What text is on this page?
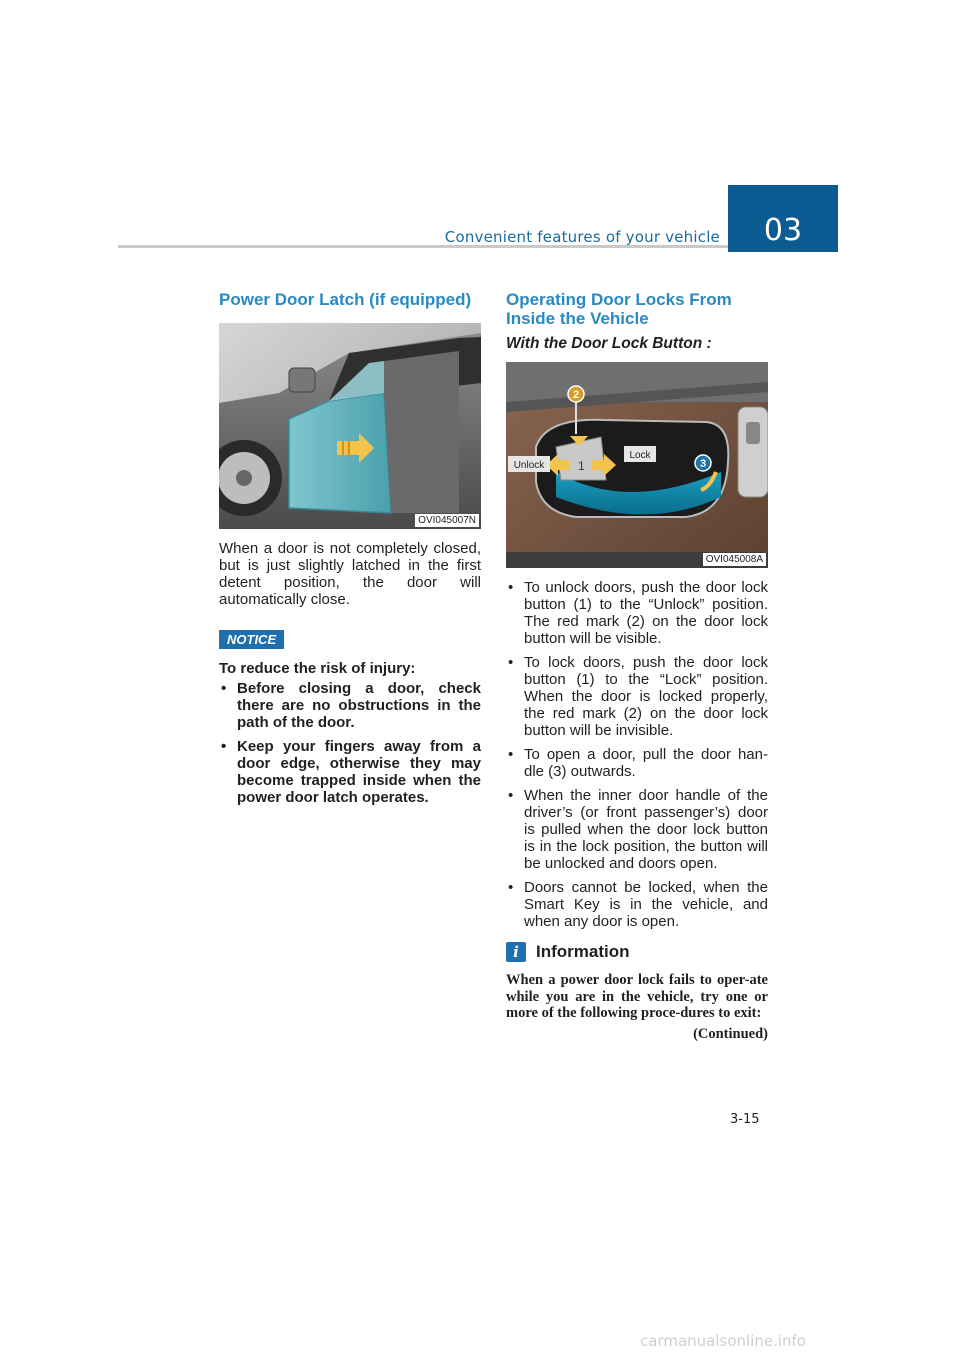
Convenient features of your vehicle	03
Power Door Latch (if equipped)
OVI045007N
When a door is not completely closed, but is just slightly latched in the first detent position, the door will automatically close.
NOTICE
To reduce the risk of injury:
• Before closing a door, check there are no obstructions in the path of the door.
• Keep your fingers away from a door edge, otherwise they may become trapped inside when the power door latch operates.
Operating Door Locks From
Inside the Vehicle
With the Door Lock Button :
2
1
Unlock
Lock
3
OVI045008A
• To unlock doors, push the door lock button (1) to the “Unlock” position. The red mark (2) on the door lock button will be visible.
• To lock doors, push the door lock button (1) to the “Lock” position. When the door is locked properly, the red mark (2) on the door lock button will be invisible.
• To open a door, pull the door han-dle (3) outwards.
• When the inner door handle of the driver’s (or front passenger’s) door is pulled when the door lock button is in the lock position, the button will be unlocked and doors open.
• Doors cannot be locked, when the Smart Key is in the vehicle, and when any door is open.
i	Information
When a power door lock fails to oper-ate while you are in the vehicle, try one or more of the following proce-dures to exit:
(Continued)
3-15
carmanualsonline.info
